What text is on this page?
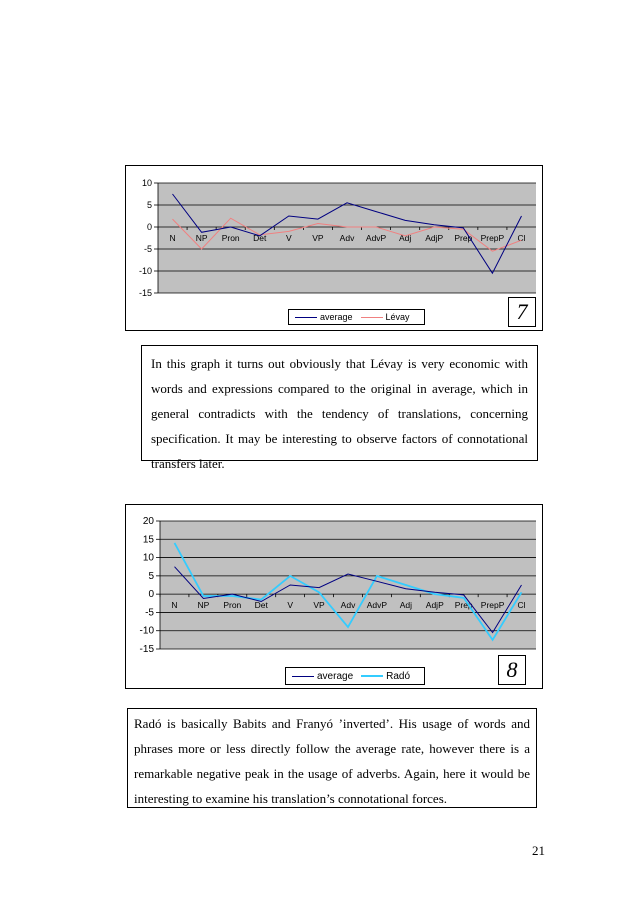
10
5
0
-5
-10
-15
N NP Pron Det V VP Adv AdvP Adj AdjP Prep PrepP Cl
average	Lévay	7
In this graph it turns out obviously that Lévay is very economic with words and expressions compared to the original in average, which in general contradicts with the tendency of translations, concerning specification. It may be interesting to observe factors of connotational transfers later.
20
15
10
5
0
-5
-10
-15
N NP Pron Det V VP Adv AdvP Adj AdjP Prep PrepP Cl
average	Radó	8
Radó is basically Babits and Franyó ’inverted’. His usage of words and phrases more or less directly follow the average rate, however there is a remarkable negative peak in the usage of adverbs. Again, here it would be interesting to examine his translation’s connotational forces.
21
